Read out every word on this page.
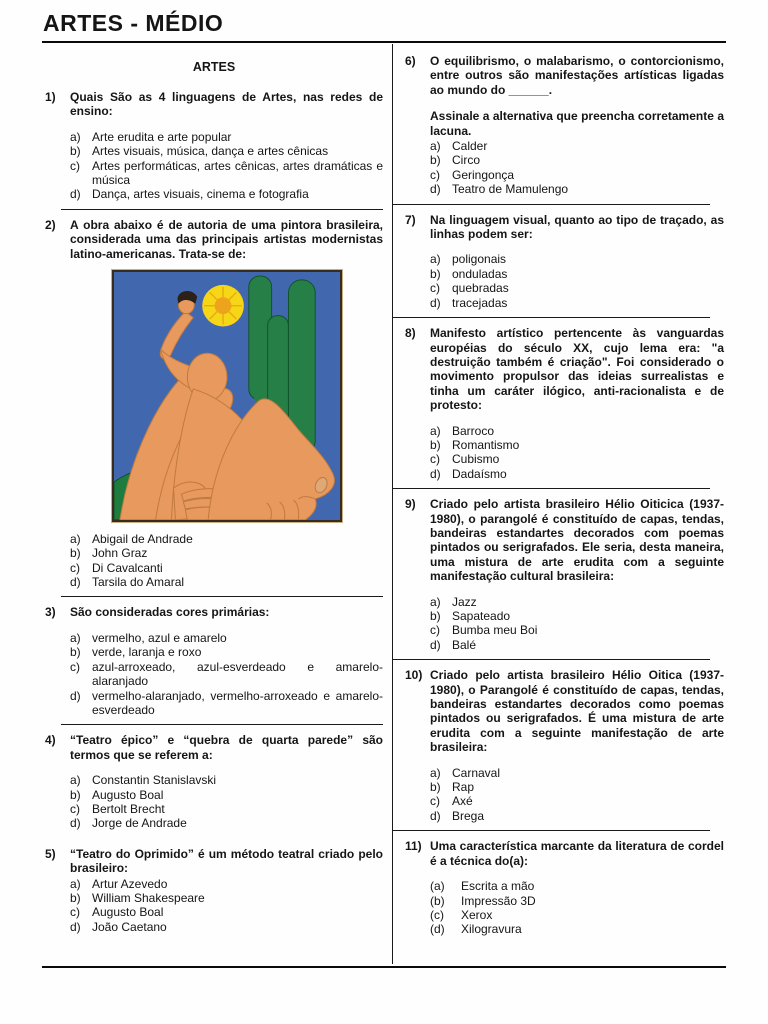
ARTES - MÉDIO
ARTES
1)	Quais São as 4 linguagens de Artes, nas redes de ensino:

a) Arte erudita e arte popular
b) Artes visuais, música, dança e artes cênicas
c)	Artes performáticas, artes cênicas, artes dramáticas e música
d) Dança, artes visuais, cinema e fotografia
2)	A obra abaixo é de autoria de uma pintora brasileira, considerada uma das principais artistas modernistas latino-americanas. Trata-se de:

a) Abigail de Andrade
b) John Graz
c)	Di Cavalcanti
d) Tarsila do Amaral
3)	São consideradas cores primárias:

a) vermelho, azul e amarelo
b) verde, laranja e roxo
c)	azul-arroxeado, azul-esverdeado e amarelo-alaranjado
d) vermelho-alaranjado, vermelho-arroxeado e amarelo-esverdeado
4)	“Teatro épico” e “quebra de quarta parede” são termos que se referem a:

a) Constantin Stanislavski
b) Augusto Boal
c)	Bertolt Brecht
d) Jorge de Andrade
5)	“Teatro do Oprimido” é um método teatral criado pelo brasileiro:

a) Artur Azevedo
b) William Shakespeare
c)	Augusto Boal
d) João Caetano
6)	O equilibrismo, o malabarismo, o contorcionismo, entre outros são manifestações artísticas ligadas ao mundo do ______.

Assinale a alternativa que preencha corretamente a lacuna.

a) Calder
b) Circo
c)	Geringonça
d) Teatro de Mamulengo
7)	Na linguagem visual, quanto ao tipo de traçado, as linhas podem ser:

a) poligonais
b) onduladas
c)	quebradas
d) tracejadas
8)	Manifesto artístico pertencente às vanguardas européias do século XX, cujo lema era: "a destruição também é criação". Foi considerado o movimento propulsor das ideias surrealistas e tinha um caráter ilógico, anti-racionalista e de protesto:

a) Barroco
b) Romantismo
c)	Cubismo
d) Dadaísmo
9)	Criado pelo artista brasileiro Hélio Oiticica (1937-1980), o parangolé é constituído de capas, tendas, bandeiras estandartes decorados com poemas pintados ou serigrafados. Ele seria, desta maneira, uma mistura de arte erudita com a seguinte manifestação cultural brasileira:

a) Jazz
b) Sapateado
c)	Bumba meu Boi
d) Balé
10) Criado pelo artista brasileiro Hélio Oitica (1937-1980), o Parangolé é constituído de capas, tendas, bandeiras estandartes decorados como poemas pintados ou serigrafados. É uma mistura de arte erudita com a seguinte manifestação de arte brasileira:

a) Carnaval
b) Rap
c)	Axé
d) Brega
11) Uma característica marcante da literatura de cordel é a técnica do(a):

(a)	Escrita a mão
(b)	Impressão 3D
(c)	Xerox
(d)	Xilogravura
